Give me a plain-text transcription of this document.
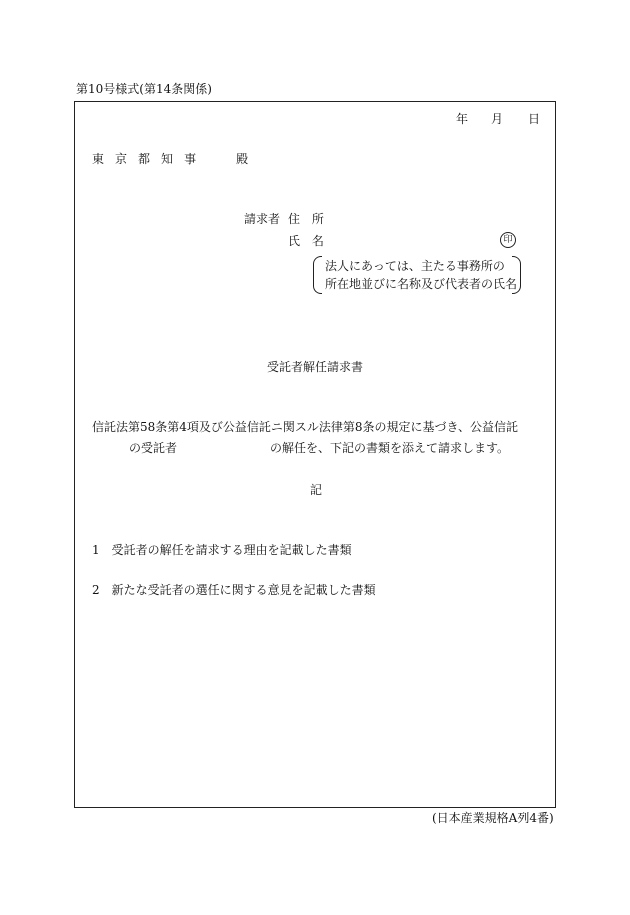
第10号様式(第14条関係)
年 月 日
東 京 都 知 事	殿
請求者 住 所
氏 名	印
法人にあっては、主たる事務所の
所在地並びに名称及び代表者の氏名
受託者解任請求書
信託法第58条第4項及び公益信託ニ関スル法律第8条の規定に基づき、公益信託
の受託者	の解任を、下記の書類を添えて請求します。
記
1　受託者の解任を請求する理由を記載した書類
2　新たな受託者の選任に関する意見を記載した書類
(日本産業規格A列4番)
